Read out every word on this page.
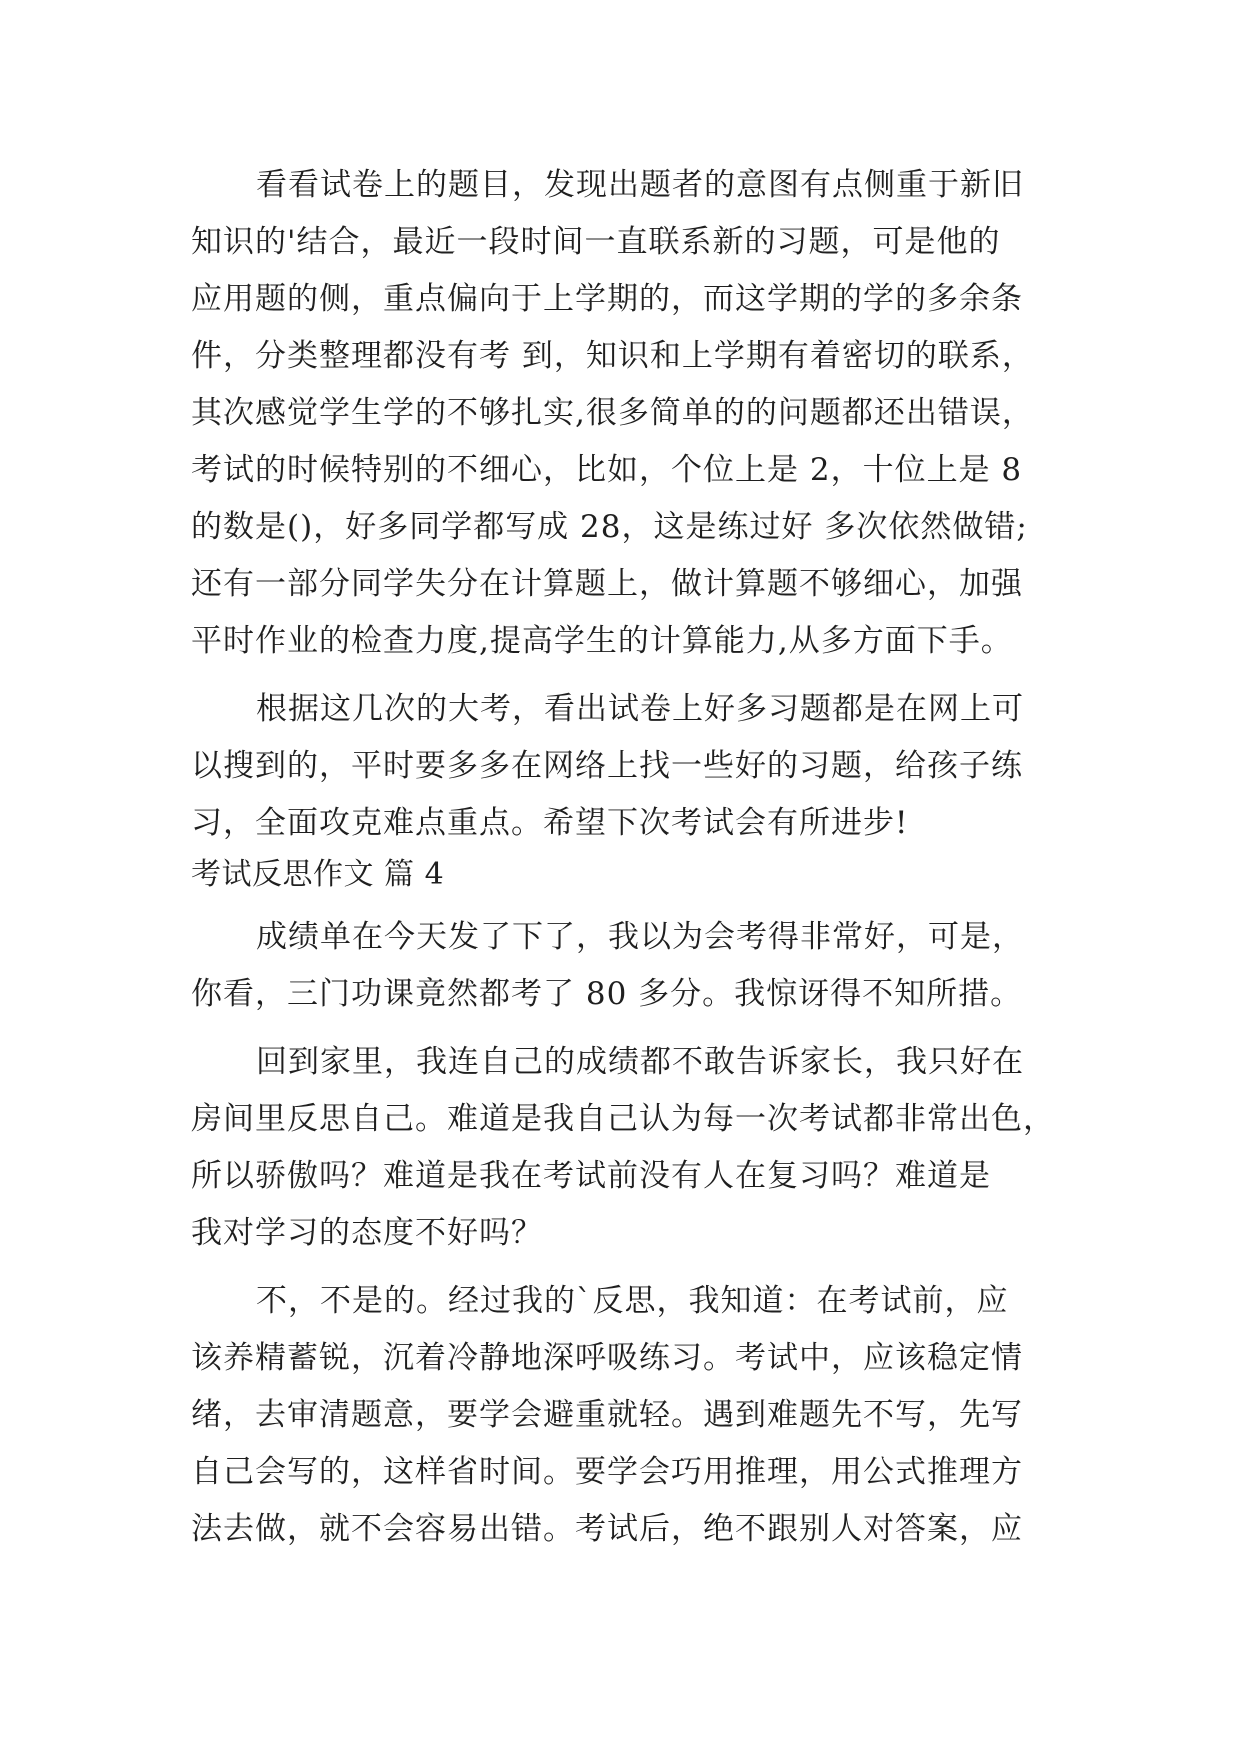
看看试卷上的题目，发现出题者的意图有点侧重于新旧
知识的'结合，最近一段时间一直联系新的习题，可是他的
应用题的侧，重点偏向于上学期的，而这学期的学的多余条
件，分类整理都没有考 到，知识和上学期有着密切的联系，
其次感觉学生学的不够扎实,很多简单的的问题都还出错误，
考试的时候特别的不细心，比如，个位上是 2，十位上是 8
的数是()，好多同学都写成 28，这是练过好 多次依然做错;
还有一部分同学失分在计算题上，做计算题不够细心，加强
平时作业的检查力度,提高学生的计算能力,从多方面下手。
根据这几次的大考，看出试卷上好多习题都是在网上可
以搜到的，平时要多多在网络上找一些好的习题，给孩子练
习，全面攻克难点重点。希望下次考试会有所进步!
考试反思作文 篇 4
成绩单在今天发了下了，我以为会考得非常好，可是，
你看，三门功课竟然都考了 80 多分。我惊讶得不知所措。
回到家里，我连自己的成绩都不敢告诉家长，我只好在
房间里反思自己。难道是我自己认为每一次考试都非常出色，
所以骄傲吗？难道是我在考试前没有人在复习吗？难道是
我对学习的态度不好吗？
不，不是的。经过我的`反思，我知道：在考试前，应
该养精蓄锐，沉着冷静地深呼吸练习。考试中，应该稳定情
绪，去审清题意，要学会避重就轻。遇到难题先不写，先写
自己会写的，这样省时间。要学会巧用推理，用公式推理方
法去做，就不会容易出错。考试后，绝不跟别人对答案，应
